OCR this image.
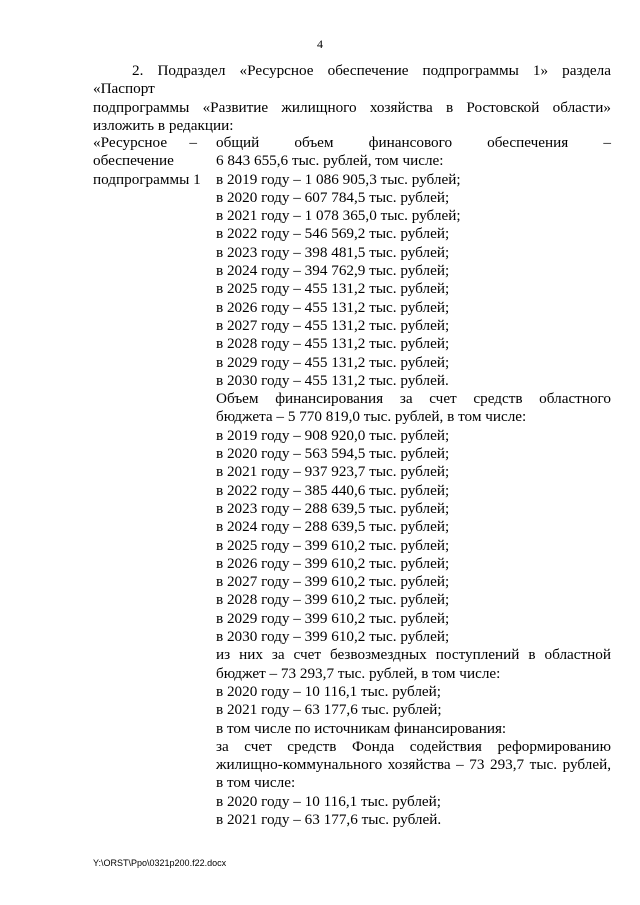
4

2. Подраздел «Ресурсное обеспечение подпрограммы 1» раздела «Паспорт

подпрограммы «Развитие жилищного хозяйства в Ростовской области»

изложить в редакции:

«Ресурсное –
обеспечение
подпрограммы 1
общий объем финансового обеспечения –
6 843 655,6 тыс. рублей, том числе:
в 2019 году – 1 086 905,3 тыс. рублей;
в 2020 году – 607 784,5 тыс. рублей;
в 2021 году – 1 078 365,0 тыс. рублей;
в 2022 году – 546 569,2 тыс. рублей;
в 2023 году – 398 481,5 тыс. рублей;
в 2024 году – 394 762,9 тыс. рублей;
в 2025 году – 455 131,2 тыс. рублей;
в 2026 году – 455 131,2 тыс. рублей;
в 2027 году – 455 131,2 тыс. рублей;
в 2028 году – 455 131,2 тыс. рублей;
в 2029 году – 455 131,2 тыс. рублей;
в 2030 году – 455 131,2 тыс. рублей.
Объем финансирования за счет средств областного
бюджета – 5 770 819,0 тыс. рублей, в том числе:
в 2019 году – 908 920,0 тыс. рублей;
в 2020 году – 563 594,5 тыс. рублей;
в 2021 году – 937 923,7 тыс. рублей;
в 2022 году – 385 440,6 тыс. рублей;
в 2023 году – 288 639,5 тыс. рублей;
в 2024 году – 288 639,5 тыс. рублей;
в 2025 году – 399 610,2 тыс. рублей;
в 2026 году – 399 610,2 тыс. рублей;
в 2027 году – 399 610,2 тыс. рублей;
в 2028 году – 399 610,2 тыс. рублей;
в 2029 году – 399 610,2 тыс. рублей;
в 2030 году – 399 610,2 тыс. рублей;
из них за счет безвозмездных поступлений в областной
бюджет – 73 293,7 тыс. рублей, в том числе:
в 2020 году – 10 116,1 тыс. рублей;
в 2021 году – 63 177,6 тыс. рублей;
в том числе по источникам финансирования:
за счет средств Фонда содействия реформированию
жилищно-коммунального хозяйства – 73 293,7 тыс. рублей,
в том числе:
в 2020 году – 10 116,1 тыс. рублей;
в 2021 году – 63 177,6 тыс. рублей.
Y:\ORST\Ppo\0321p200.f22.docx
